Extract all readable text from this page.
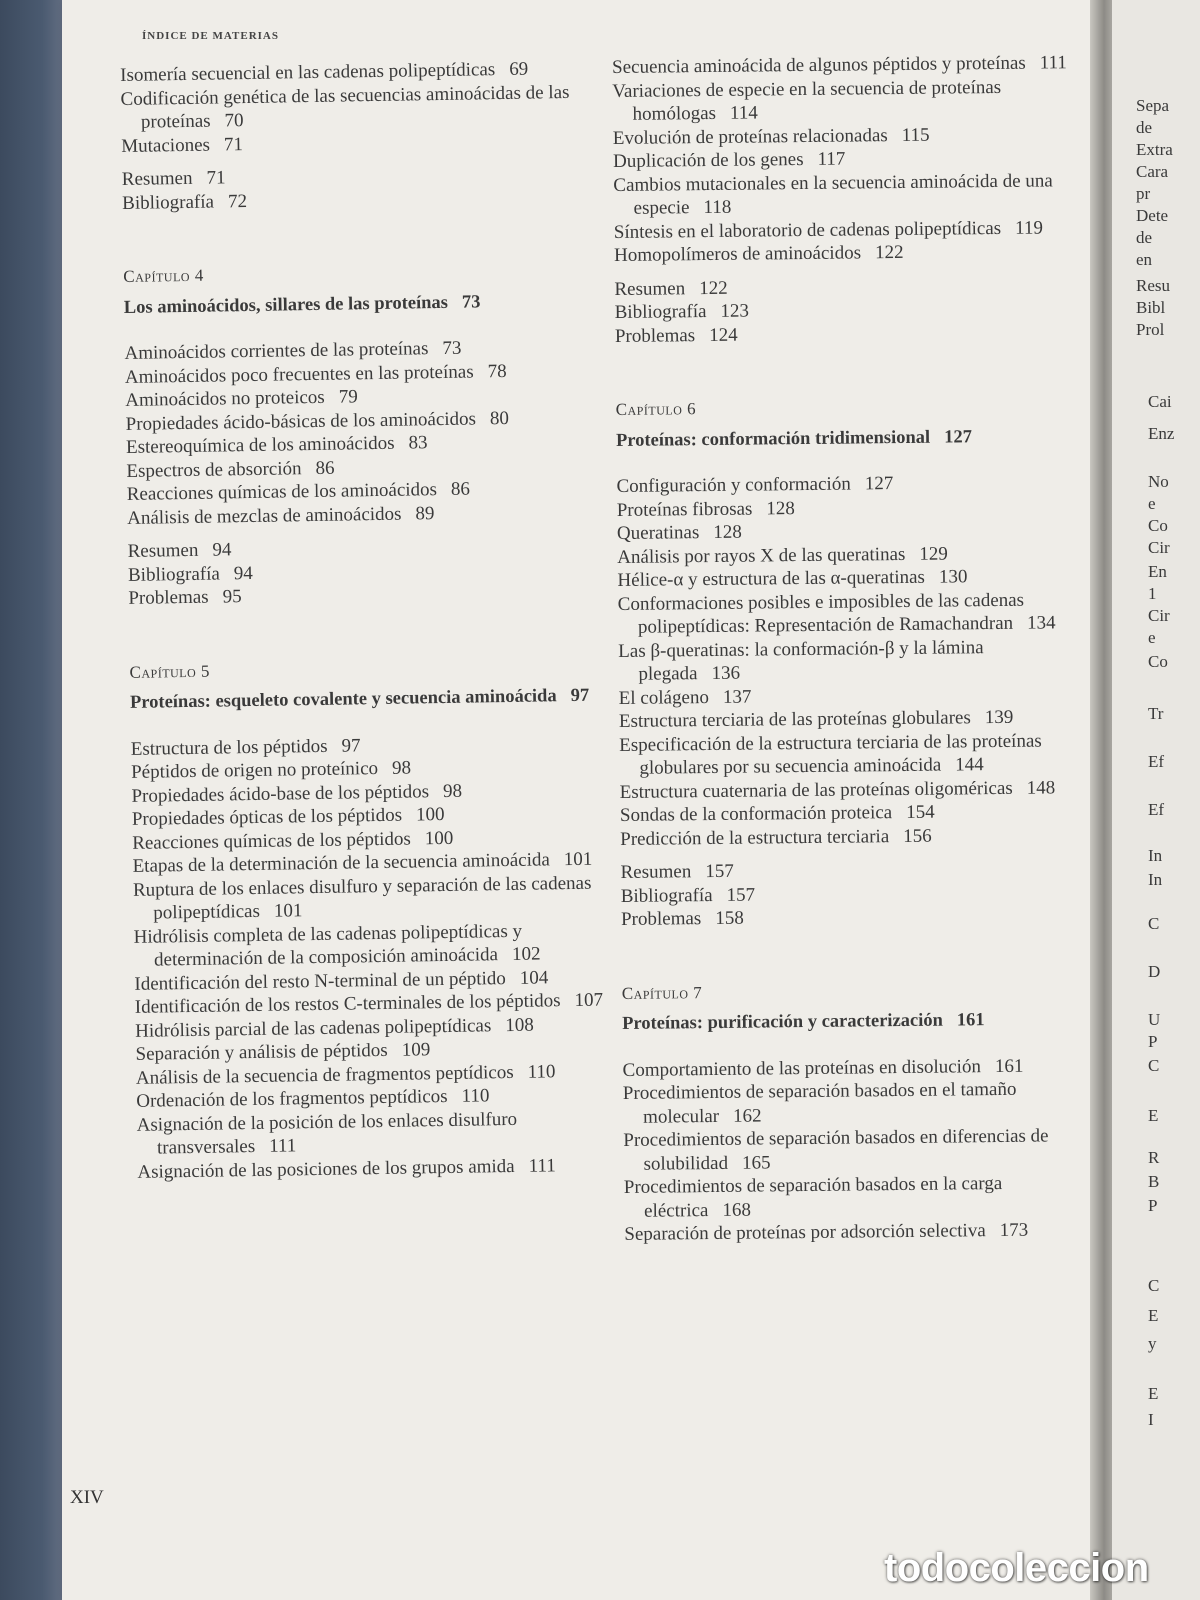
ÍNDICE DE MATERIAS
Isomería secuencial en las cadenas polipeptídicas 69
Codificación genética de las secuencias aminoácidas de las proteínas 70
Mutaciones 71
Resumen 71
Bibliografía 72
Capítulo 4
Los aminoácidos, sillares de las proteínas 73
Aminoácidos corrientes de las proteínas 73
Aminoácidos poco frecuentes en las proteínas 78
Aminoácidos no proteicos 79
Propiedades ácido-básicas de los aminoácidos 80
Estereoquímica de los aminoácidos 83
Espectros de absorción 86
Reacciones químicas de los aminoácidos 86
Análisis de mezclas de aminoácidos 89
Resumen 94
Bibliografía 94
Problemas 95
Capítulo 5
Proteínas: esqueleto covalente y secuencia aminoácida 97
Estructura de los péptidos 97
Péptidos de origen no proteínico 98
Propiedades ácido-base de los péptidos 98
Propiedades ópticas de los péptidos 100
Reacciones químicas de los péptidos 100
Etapas de la determinación de la secuencia aminoácida 101
Ruptura de los enlaces disulfuro y separación de las cadenas polipeptídicas 101
Hidrólisis completa de las cadenas polipeptídicas y determinación de la composición aminoácida 102
Identificación del resto N-terminal de un péptido 104
Identificación de los restos C-terminales de los péptidos 107
Hidrólisis parcial de las cadenas polipeptídicas 108
Separación y análisis de péptidos 109
Análisis de la secuencia de fragmentos peptídicos 110
Ordenación de los fragmentos peptídicos 110
Asignación de la posición de los enlaces disulfuro transversales 111
Asignación de las posiciones de los grupos amida 111
Secuencia aminoácida de algunos péptidos y proteínas 111
Variaciones de especie en la secuencia de proteínas homólogas 114
Evolución de proteínas relacionadas 115
Duplicación de los genes 117
Cambios mutacionales en la secuencia aminoácida de una especie 118
Síntesis en el laboratorio de cadenas polipeptídicas 119
Homopolímeros de aminoácidos 122
Resumen 122
Bibliografía 123
Problemas 124
Capítulo 6
Proteínas: conformación tridimensional 127
Configuración y conformación 127
Proteínas fibrosas 128
Queratinas 128
Análisis por rayos X de las queratinas 129
Hélice-α y estructura de las α-queratinas 130
Conformaciones posibles e imposibles de las cadenas polipeptídicas: Representación de Ramachandran 134
Las β-queratinas: la conformación-β y la lámina plegada 136
El colágeno 137
Estructura terciaria de las proteínas globulares 139
Especificación de la estructura terciaria de las proteínas globulares por su secuencia aminoácida 144
Estructura cuaternaria de las proteínas oligoméricas 148
Sondas de la conformación proteica 154
Predicción de la estructura terciaria 156
Resumen 157
Bibliografía 157
Problemas 158
Capítulo 7
Proteínas: purificación y caracterización 161
Comportamiento de las proteínas en disolución 161
Procedimientos de separación basados en el tamaño molecular 162
Procedimientos de separación basados en diferencias de solubilidad 165
Procedimientos de separación basados en la carga eléctrica 168
Separación de proteínas por adsorción selectiva 173
XIV
Sepa
de
Extra
Cara
pr
Dete
de
en
Resu
Bibl
Prol
Cai
Enz
No
e
Co
Cir
En
1
Cir
e
Co
Tr
Ef
Ef
In
In
C
D
U
P
C
E
R
B
P
C
E
y
E
I
todocoleccion
